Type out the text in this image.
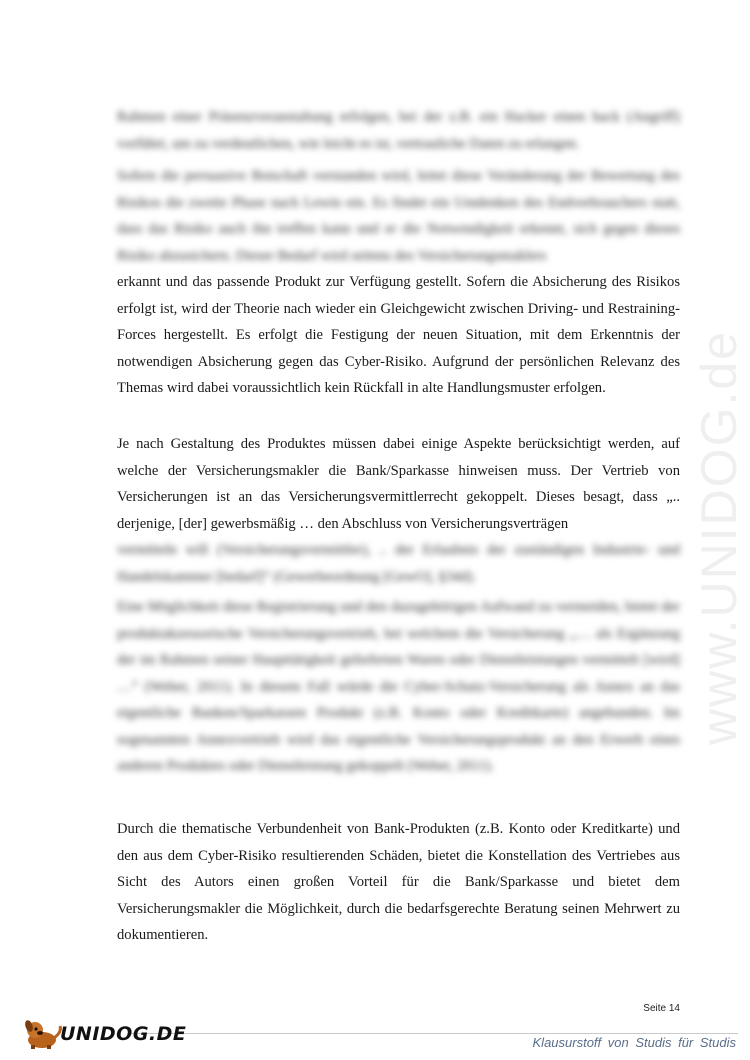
www.UNIDOG.de

Rahmen einer Präsenzveranstaltung erfolgen, bei der z.B. ein Hacker einen hack (Angriff) vorführt, um zu verdeutlichen, wie leicht es ist, vertrauliche Daten zu erlangen.

Sofern die persuasive Botschaft verstanden wird, leitet diese Veränderung der Bewertung des Risikos die zweite Phase nach Lewin ein. Es findet ein Umdenken des Endverbrauchers statt, dass das Risiko auch ihn treffen kann und er die Notwendigkeit erkennt, sich gegen dieses Risiko abzusichern. Dieser Bedarf wird seitens des Versicherungsmaklers

erkannt und das passende Produkt zur Verfügung gestellt. Sofern die Absicherung des Risikos erfolgt ist, wird der Theorie nach wieder ein Gleichgewicht zwischen Driving- und Restraining-Forces hergestellt. Es erfolgt die Festigung der neuen Situation, mit dem Erkenntnis der notwendigen Absicherung gegen das Cyber-Risiko. Aufgrund der persönlichen Relevanz des Themas wird dabei voraussichtlich kein Rückfall in alte Handlungsmuster erfolgen.

Je nach Gestaltung des Produktes müssen dabei einige Aspekte berücksichtigt werden, auf welche der Versicherungsmakler die Bank/Sparkasse hinweisen muss. Der Vertrieb von Versicherungen ist an das Versicherungsvermittlerrecht gekoppelt. Dieses besagt, dass „.. derjenige, [der] gewerbsmäßig … den Abschluss von Versicherungsverträgen

vermitteln will (Versicherungsvermittler), .. der Erlaubnis der zuständigen Industrie- und Handelskammer [bedarf]“ (Gewerbeordnung [GewO], §34d).

Eine Möglichkeit diese Registrierung und den dazugehörigen Aufwand zu vermeiden, bietet der produktakzessorische Versicherungsvertrieb, bei welchem die Versicherung „… als Ergänzung der im Rahmen seiner Haupttätigkeit gelieferten Waren oder Dienstleistungen vermittelt [wird] …“ (Weber, 2011). In diesem Fall würde die Cyber-Schutz-Versicherung als Annex an das eigentliche Banken/Sparkassen Produkt (z.B. Konto oder Kreditkarte) angebunden. Im sogenannten Annexvertrieb wird das eigentliche Versicherungsprodukt an den Erwerb eines anderen Produktes oder Dienstleistung gekoppelt (Weber, 2011).

Durch die thematische Verbundenheit von Bank-Produkten (z.B. Konto oder Kreditkarte) und den aus dem Cyber-Risiko resultierenden Schäden, bietet die Konstellation des Vertriebes aus Sicht des Autors einen großen Vorteil für die Bank/Sparkasse und bietet dem Versicherungsmakler die Möglichkeit, durch die bedarfsgerechte Beratung seinen Mehrwert zu dokumentieren.

Seite 14
UNIDOG.DE	Klausurstoff von Studis für Studis
